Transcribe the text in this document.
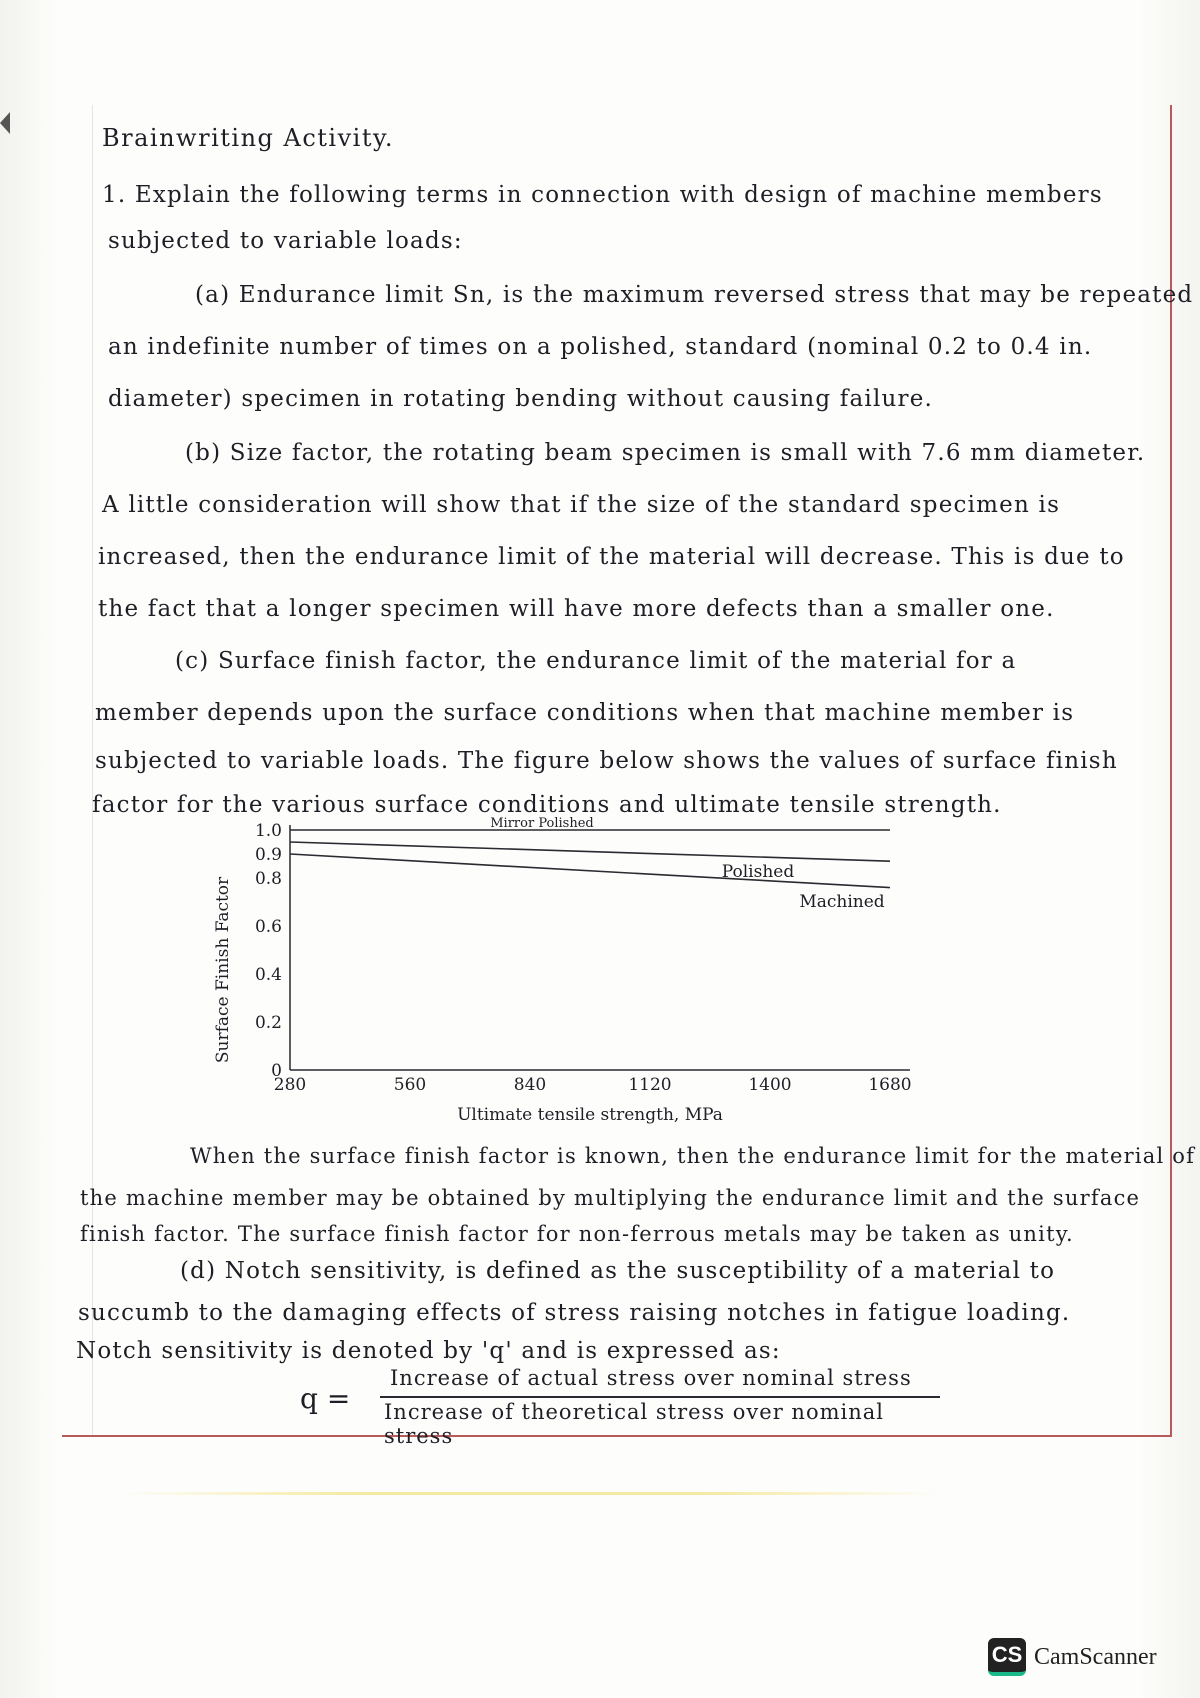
Brainwriting Activity.
1. Explain the following terms in connection with design of machine members
subjected to variable loads:
(a) Endurance limit Sn, is the maximum reversed stress that may be repeated
an indefinite number of times on a polished, standard (nominal 0.2 to 0.4 in.
diameter) specimen in rotating bending without causing failure.
(b) Size factor, the rotating beam specimen is small with 7.6 mm diameter.
A little consideration will show that if the size of the standard specimen is
increased, then the endurance limit of the material will decrease. This is due to
the fact that a longer specimen will have more defects than a smaller one.
(c) Surface finish factor, the endurance limit of the material for a
member depends upon the surface conditions when that machine member is
subjected to variable loads. The figure below shows the values of surface finish
factor for the various surface conditions and ultimate tensile strength.
0
0.2
0.4
0.6
0.8
0.9
1.0
280	560	840	1120	1400	1680
Mirror Polished
Polished
Machined
Ultimate tensile strength, MPa
Surface Finish Factor
When the surface finish factor is known, then the endurance limit for the material of
the machine member may be obtained by multiplying the endurance limit and the surface
finish factor. The surface finish factor for non-ferrous metals may be taken as unity.
(d) Notch sensitivity, is defined as the susceptibility of a material to
succumb to the damaging effects of stress raising notches in fatigue loading.
Notch sensitivity is denoted by 'q' and is expressed as:
q =
Increase of actual stress over nominal stress
Increase of theoretical stress over nominal stress
CS CamScanner
